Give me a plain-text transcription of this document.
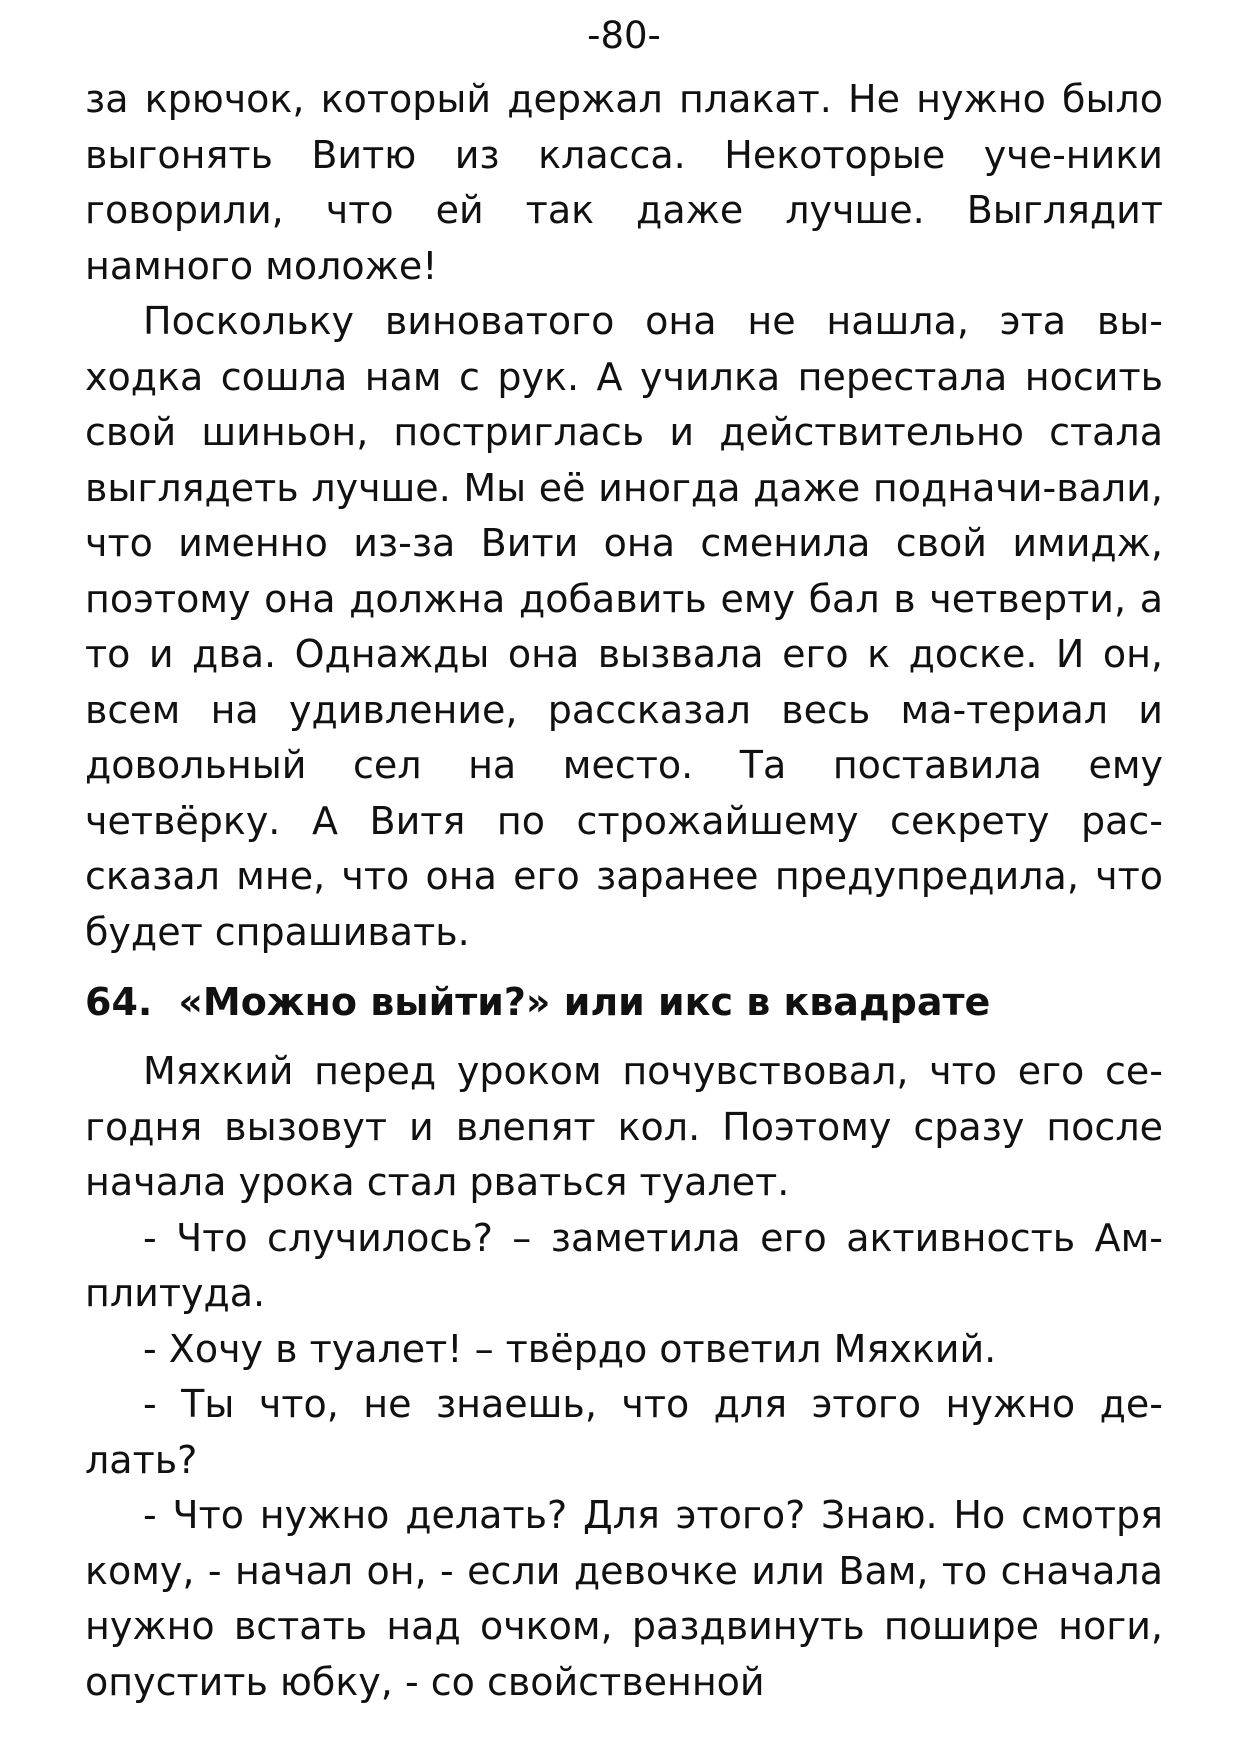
-80-

за крючок, который держал плакат. Не нужно было выгонять Витю из класса. Некоторые уче-ники говорили, что ей так даже лучше. Выглядит намного моложе!

Поскольку виноватого она не нашла, эта вы-ходка сошла нам с рук. А училка перестала носить свой шиньон, постриглась и действительно стала выглядеть лучше. Мы её иногда даже подначи-вали, что именно из-за Вити она сменила свой имидж, поэтому она должна добавить ему бал в четверти, а то и два. Однажды она вызвала его к доске. И он, всем на удивление, рассказал весь ма-териал и довольный сел на место. Та поставила ему четвёрку. А Витя по строжайшему секрету рас-сказал мне, что она его заранее предупредила, что будет спрашивать.

64. «Можно выйти?» или икс в квадрате

Мяхкий перед уроком почувствовал, что его се-годня вызовут и влепят кол. Поэтому сразу после начала урока стал рваться туалет.

- Что случилось? – заметила его активность Ам-плитуда.

- Хочу в туалет! – твёрдо ответил Мяхкий.

- Ты что, не знаешь, что для этого нужно де-лать?

- Что нужно делать? Для этого? Знаю. Но смотря кому, - начал он, - если девочке или Вам, то сначала нужно встать над очком, раздвинуть пошире ноги, опустить юбку, - со свойственной
